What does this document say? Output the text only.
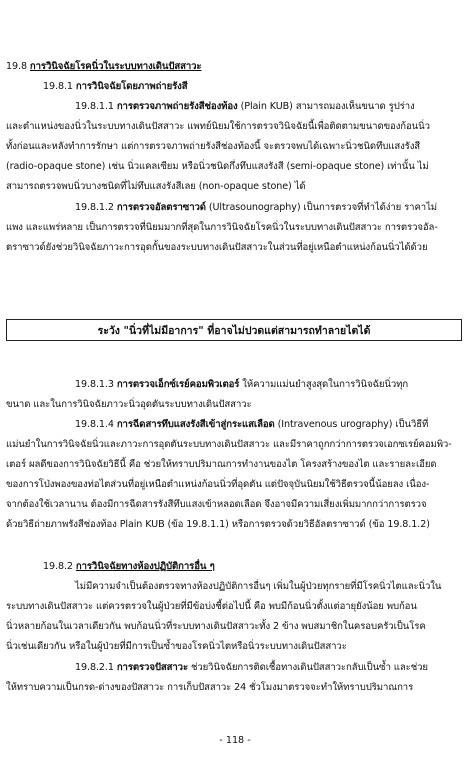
19.8 การวินิจฉัยโรคนิ่วในระบบทางเดินปัสสาวะ
19.8.1 การวินิจฉัยโดยภาพถ่ายรังสี
19.8.1.1 การตรวจภาพถ่ายรังสีช่องท้อง (Plain KUB) สามารถมองเห็นขนาด รูปร่าง
และตำแหน่งของนิ่วในระบบทางเดินปัสสาวะ แพทย์นิยมใช้การตรวจวินิจฉัยนี้เพื่อติดตามขนาดของก้อนนิ่ว
ทั้งก่อนและหลังทำการรักษา แต่การตรวจภาพถ่ายรังสีช่องท้องนี้ จะตรวจพบได้เฉพาะนิ่วชนิดทึบแสงรังสี
(radio-opaque stone) เช่น นิ่วแคลเซียม หรือนิ่วชนิดกึ่งทึบแสงรังสี (semi-opaque stone) เท่านั้น ไม่
สามารถตรวจพบนิ่วบางชนิดที่ไม่ทึบแสงรังสีเลย (non-opaque stone) ได้
19.8.1.2 การตรวจอัลตราซาวด์ (Ultrasounography) เป็นการตรวจที่ทำได้ง่าย ราคาไม่
แพง และแพร่หลาย เป็นการตรวจที่นิยมมากที่สุดในการวินิจฉัยโรคนิ่วในระบบทางเดินปัสสาวะ การตรวจอัล-
ตราซาวด์ยังช่วยวินิจฉัยภาวะการอุดกั้นของระบบทางเดินปัสสาวะในส่วนที่อยู่เหนือตำแหน่งก้อนนิ่วได้ด้วย
ระวัง "นิ่วที่ไม่มีอาการ" ที่อาจไม่ปวดแต่สามารถทำลายไตได้
19.8.1.3 การตรวจเอ็กซ์เรย์คอมพิวเตอร์ ให้ความแม่นยำสูงสุดในการวินิจฉัยนิ่วทุก
ขนาด และในการวินิจฉัยภาวะนิ่วอุดตันระบบทางเดินปัสสาวะ
19.8.1.4 การฉีดสารทึบแสงรังสีเข้าสู่กระแสเลือด (Intravenous urography) เป็นวิธีที่
แม่นยำในการวินิจฉัยนิ่วและภาวะการอุดตันระบบทางเดินปัสสาวะ และมีราคาถูกกว่าการตรวจเอกซเรย์คอมพิว-
เตอร์ ผลดีของการวินิจฉัยวิธีนี้ คือ ช่วยให้ทราบปริมาณการทำงานของไต โครงสร้างของไต และรายละเอียด
ของการโป่งพองของท่อไตส่วนที่อยู่เหนือตำแหน่งก้อนนิ่วที่อุดตัน แต่ปัจจุบันนิยมใช้วิธีตรวจนี้น้อยลง เนื่อง-
จากต้องใช้เวลานาน ต้องมีการฉีดสารรังสีทึบแสงเข้าหลอดเลือด จึงอาจมีความเสี่ยงเพิ่มมากกว่าการตรวจ
ด้วยวิธีถ่ายภาพรังสีช่องท้อง Plain KUB (ข้อ 19.8.1.1) หรือการตรวจด้วยวิธีอัลตราซาวด์ (ข้อ 19.8.1.2)
19.8.2 การวินิจฉัยทางห้องปฏิบัติการอื่น ๆ
ไม่มีความจำเป็นต้องตรวจทางห้องปฏิบัติการอื่นๆ เพิ่มในผู้ป่วยทุกรายที่มีโรคนิ่วไตและนิ่วใน
ระบบทางเดินปัสสาวะ แต่ควรตรวจในผู้ป่วยที่มีข้อบ่งชี้ต่อไปนี้ คือ พบมีก้อนนิ่วตั้งแต่อายุยังน้อย พบก้อน
นิ่วหลายก้อนในเวลาเดียวกัน พบก้อนนิ่วที่ระบบทางเดินปัสสาวะทั้ง 2 ข้าง พบสมาชิกในครอบครัวเป็นโรค
นิ่วเช่นเดียวกัน หรือในผู้ป่วยที่มีการเป็นซ้ำของโรคนิ่วไตหรือนิ่วระบบทางเดินปัสสาวะ
19.8.2.1 การตรวจปัสสาวะ ช่วยวินิจฉัยการติดเชื้อทางเดินปัสสาวะกลับเป็นซ้ำ และช่วย
ให้ทราบความเป็นกรด-ด่างของปัสสาวะ การเก็บปัสสาวะ 24 ชั่วโมงมาตรวจจะทำให้ทราบปริมาณการ
- 118 -
